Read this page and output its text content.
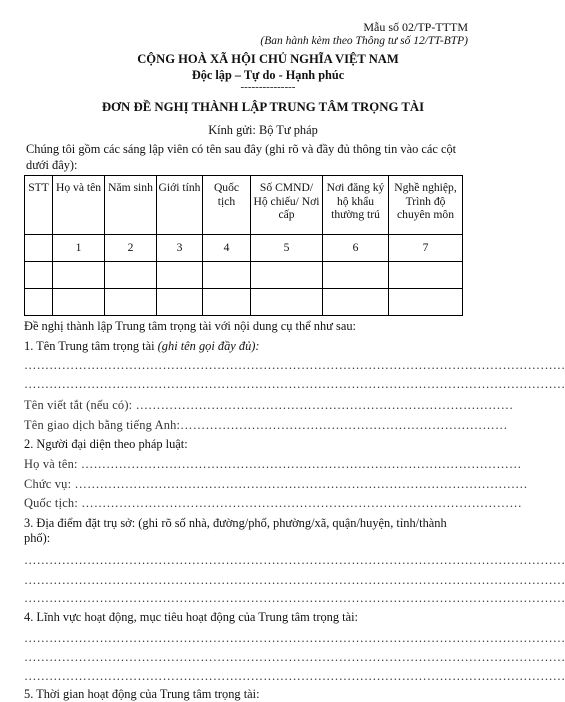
Mẫu số 02/TP-TTTM
(Ban hành kèm theo Thông tư số 12/TT-BTP)
CỘNG HOÀ XÃ HỘI CHỦ NGHĨA VIỆT NAM
Độc lập – Tự do - Hạnh phúc
---------------
ĐƠN ĐỀ NGHỊ THÀNH LẬP TRUNG TÂM TRỌNG TÀI
Kính gửi: Bộ Tư pháp
Chúng tôi gồm các sáng lập viên có tên sau đây (ghi rõ và đầy đủ thông tin vào các cột dưới đây):
STT	Họ và tên	Năm sinh	Giới tính	Quốc tịch	Số CMND/ Hộ chiếu/ Nơi cấp	Nơi đăng ký hộ khẩu thường trú	Nghề nghiệp, Trình độ chuyên môn
	1	2	3	4	5	6	7

Đề nghị thành lập Trung tâm trọng tài với nội dung cụ thể như sau:
1. Tên Trung tâm trọng tài (ghi tên gọi đầy đủ):
…………………………………………………………………………………………………………………
…………………………………………………………………………………………………………………
Tên viết tắt (nếu có): ………………………………………………………………………………
Tên giao dịch bằng tiếng Anh:……………………………………………………………………
2. Người đại diện theo pháp luật:
Họ và tên: ……………………………………………………………………………………………
Chức vụ: ………………………………………………………………………………………………
Quốc tịch: ……………………………………………………………………………………………
3. Địa điểm đặt trụ sở: (ghi rõ số nhà, đường/phố, phường/xã, quận/huyện, tỉnh/thành phố):
…………………………………………………………………………………………………………………
…………………………………………………………………………………………………………………
…………………………………………………………………………………………………………………
4. Lĩnh vực hoạt động, mục tiêu hoạt động của Trung tâm trọng tài:
…………………………………………………………………………………………………………………
…………………………………………………………………………………………………………………
…………………………………………………………………………………………………………………
5. Thời gian hoạt động của Trung tâm trọng tài:
